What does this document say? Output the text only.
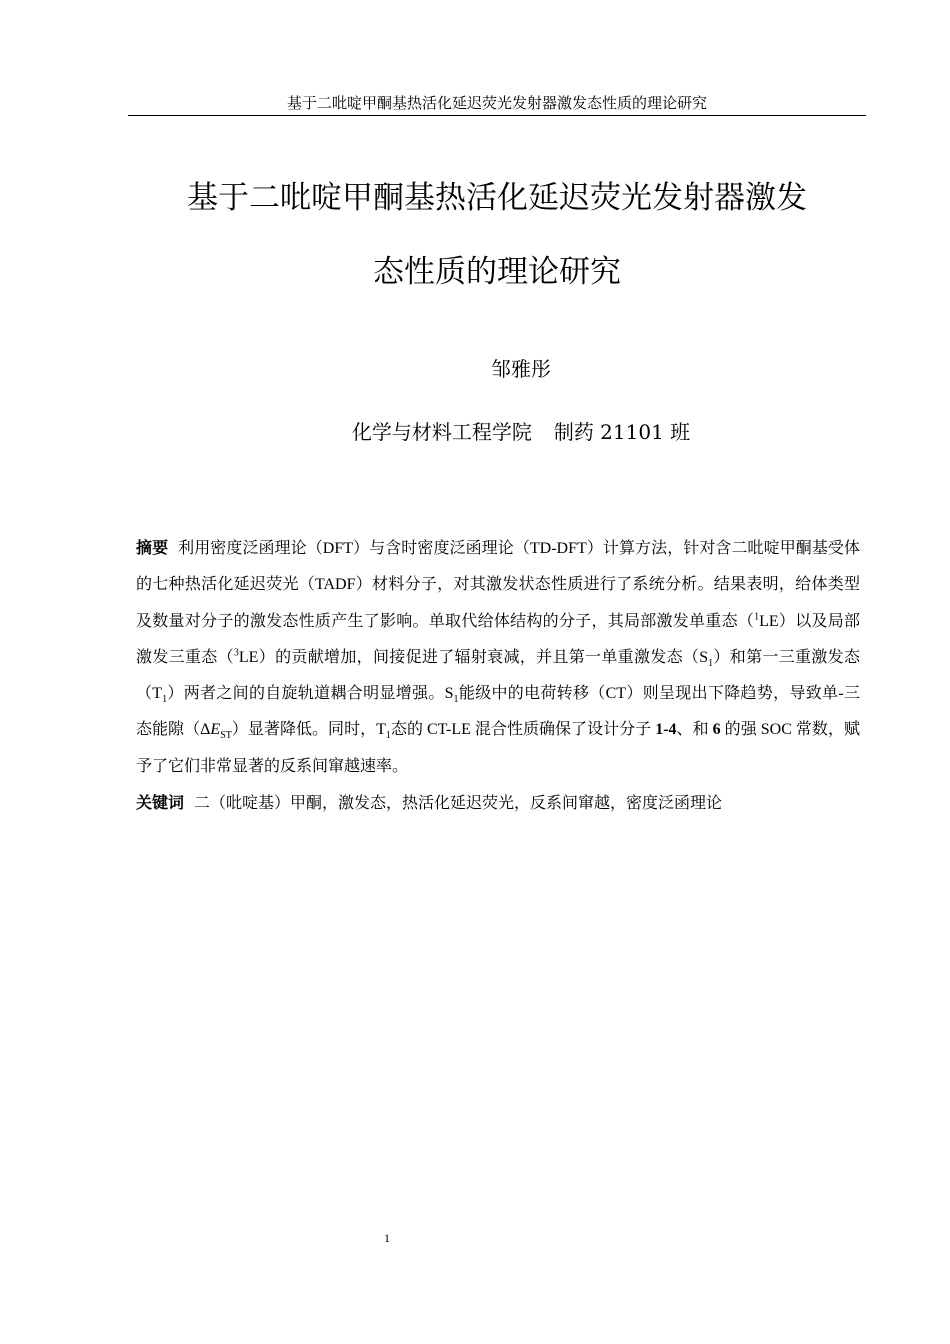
基于二吡啶甲酮基热活化延迟荧光发射器激发态性质的理论研究
基于二吡啶甲酮基热活化延迟荧光发射器激发
态性质的理论研究
邹雅彤
化学与材料工程学院 制药 21101 班

摘要 利用密度泛函理论（DFT）与含时密度泛函理论（TD-DFT）计算方法，针对含二吡啶甲酮基受体的七种热活化延迟荧光（TADF）材料分子，对其激发状态性质进行了系统分析。结果表明，给体类型及数量对分子的激发态性质产生了影响。单取代给体结构的分子，其局部激发单重态（$^1$LE）以及局部激发三重态（$^3$LE）的贡献增加，间接促进了辐射衰减，并且第一单重激发态$(S_1)$和第一三重激发态$(T_1)$两者之间的自旋轨道耦合明显增强。$S_1$能级中的电荷转移（CT）则呈现出下降趋势，导致单-三态能隙$(\Delta E_{ST})$显著降低。同时，$T_1$态的 CT-LE 混合性质确保了设计分子 1-4、和 6 的强 SOC 常数，赋予了它们非常显著的反系间窜越速率。

关键词 二（吡啶基）甲酮，激发态，热活化延迟荧光，反系间窜越，密度泛函理论

1
